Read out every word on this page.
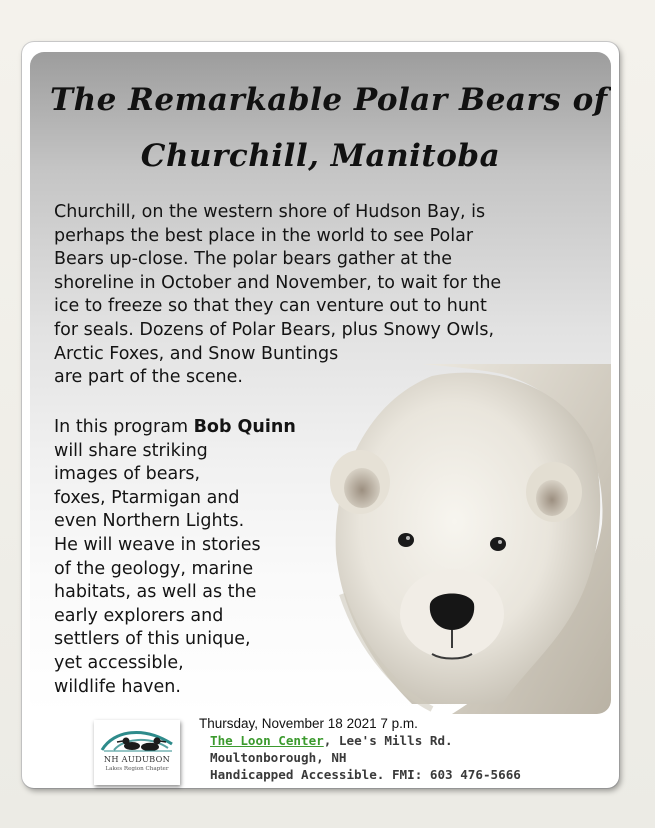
The Remarkable Polar Bears of
Churchill, Manitoba

Churchill, on the western shore of Hudson Bay, is

perhaps the best place in the world to see Polar

Bears up-close. The polar bears gather at the

shoreline in October and November, to wait for the

ice to freeze so that they can venture out to hunt

for seals. Dozens of Polar Bears, plus Snowy Owls,

Arctic Foxes, and Snow Buntings

are part of the scene.

In this program Bob Quinn

will share striking

images of bears,

foxes, Ptarmigan and

even Northern Lights.

He will weave in stories

of the geology, marine

habitats, as well as the

early explorers and

settlers of this unique,

yet accessible,

wildlife haven.

NH AUDUBON
Lakes Region Chapter

Thursday, November 18 2021 7 p.m.

The Loon Center, Lee's Mills Rd.

Moultonborough, NH

Handicapped Accessible. FMI: 603 476-5666
